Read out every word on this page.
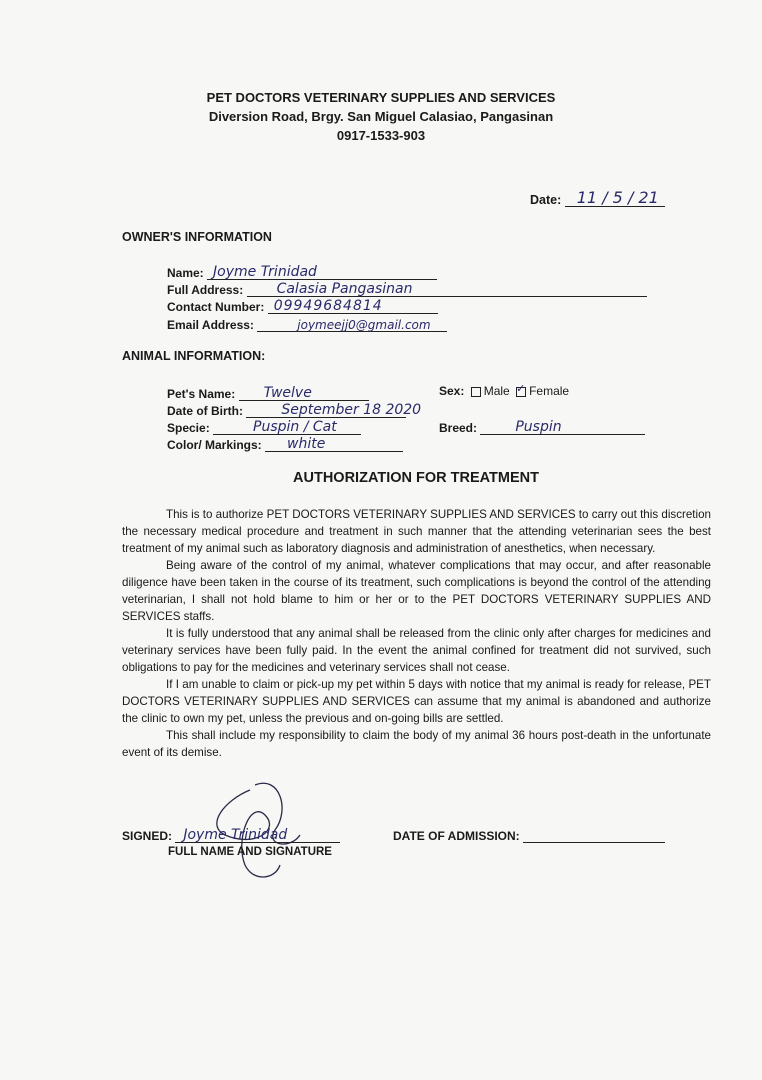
PET DOCTORS VETERINARY SUPPLIES AND SERVICES
Diversion Road, Brgy. San Miguel Calasiao, Pangasinan
0917-1533-903
Date: 11 / 5 / 21
OWNER'S INFORMATION
Name: Joyme Trinidad
Full Address: Calasia Pangasinan
Contact Number: 09949684814
Email Address:	joymeejj0@gmail.com
ANIMAL INFORMATION:
Pet's Name: Twelve
Date of Birth:	September 18 2020
Specie:	Puspin / Cat
Color/ Markings: white
Sex: Male ✓ Female
Breed:	Puspin
AUTHORIZATION FOR TREATMENT

This is to authorize PET DOCTORS VETERINARY SUPPLIES AND SERVICES to carry out this discretion the necessary medical procedure and treatment in such manner that the attending veterinarian sees the best treatment of my animal such as laboratory diagnosis and administration of anesthetics, when necessary.

Being aware of the control of my animal, whatever complications that may occur, and after reasonable diligence have been taken in the course of its treatment, such complications is beyond the control of the attending veterinarian, I shall not hold blame to him or her or to the PET DOCTORS VETERINARY SUPPLIES AND SERVICES staffs.

It is fully understood that any animal shall be released from the clinic only after charges for medicines and veterinary services have been fully paid. In the event the animal confined for treatment did not survived, such obligations to pay for the medicines and veterinary services shall not cease.

If I am unable to claim or pick-up my pet within 5 days with notice that my animal is ready for release, PET DOCTORS VETERINARY SUPPLIES AND SERVICES can assume that my animal is abandoned and authorize the clinic to own my pet, unless the previous and on-going bills are settled.

This shall include my responsibility to claim the body of my animal 36 hours post-death in the unfortunate event of its demise.

SIGNED: Joyme Trinidad
FULL NAME AND SIGNATURE
DATE OF ADMISSION:
